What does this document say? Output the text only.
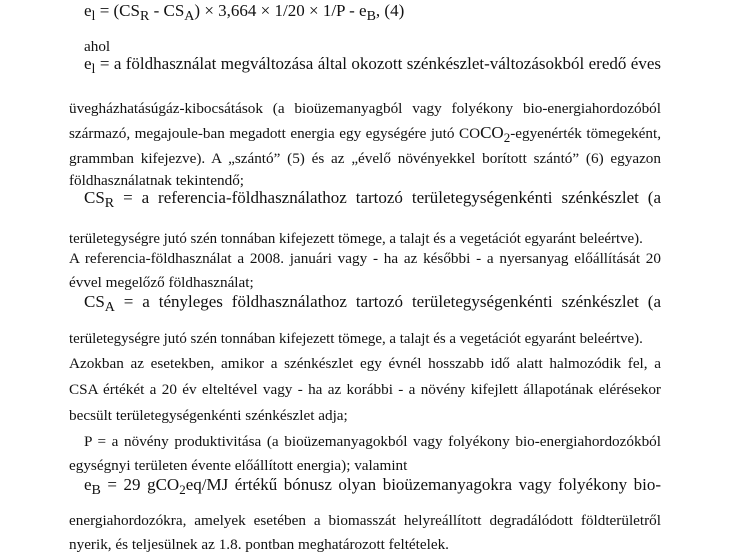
$e_l = (CS_R - CS_A) \times 3,664 \times 1/20 \times 1/P - e_B$, (4)
ahol
$e_l = a$ földhasználat megváltozása által okozott szénkészlet-változásokból eredő éves
üvegházhatásúgáz-kibocsátások (a bioüzemanyagból vagy folyékony bio-energiahordozóból
származó, megajoule-ban megadott energia egy egységére jutó COCO2-egyenérték tömegeként,
grammban kifejezve). A „szántó” (5) és az „évelő növényekkel borított szántó” (6) egyazon
földhasználatnak tekintendő;
$CS_R = a$ referencia-földhasználathoz tartozó területegységenkénti szénkészlet (a
területegységre jutó szén tonnában kifejezett tömege, a talajt és a vegetációt egyaránt beleértve).
A referencia-földhasználat a 2008. januári vagy - ha az későbbi - a nyersanyag előállítását 20
évvel megelőző földhasználat;
$CS_A = a$ tényleges földhasználathoz tartozó területegységenkénti szénkészlet (a
területegységre jutó szén tonnában kifejezett tömege, a talajt és a vegetációt egyaránt beleértve).
Azokban az esetekben, amikor a szénkészlet egy évnél hosszabb idő alatt halmozódik fel, a
CSA értékét a 20 év elteltével vagy - ha az korábbi - a növény kifejlett állapotának elérésekor
becsült területegységenkénti szénkészlet adja;
P = a növény produktivitása (a bioüzemanyagokból vagy folyékony bio-energiahordozókból
egységnyi területen évente előállított energia); valamint
$e_B = 29$ gCO$_2$eq/MJ értékű bónusz olyan bioüzemanyagokra vagy folyékony bio-
energiahordozókra, amelyek esetében a biomasszát helyreállított degradálódott földterületről
nyerik, és teljesülnek az 1.8. pontban meghatározott feltételek.
